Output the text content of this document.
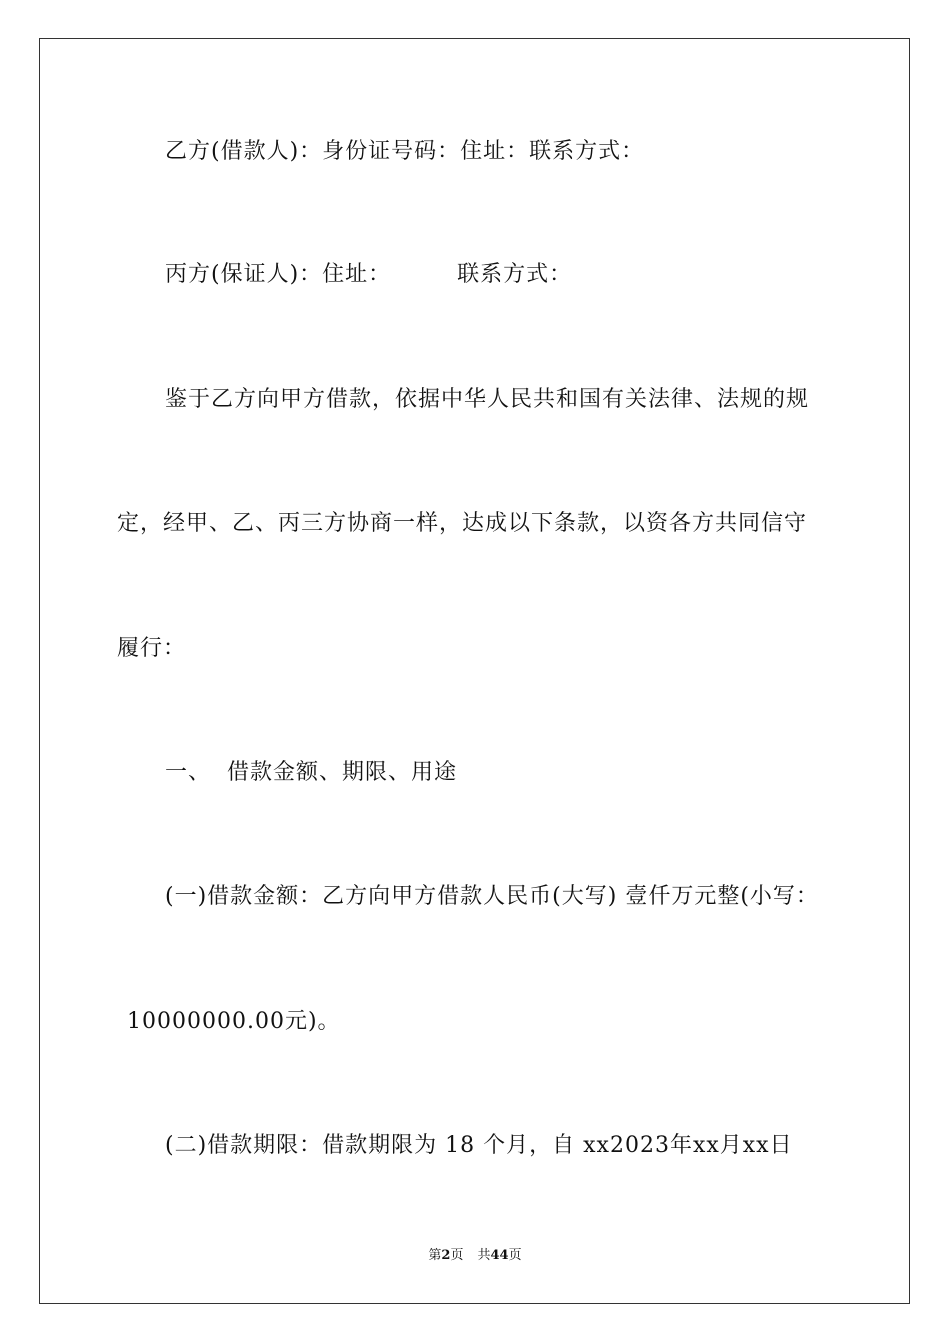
乙方(借款人)：身份证号码：住址：联系方式：
丙方(保证人)：住址：	联系方式：
鉴于乙方向甲方借款，依据中华人民共和国有关法律、法规的规
定，经甲、乙、丙三方协商一样，达成以下条款，以资各方共同信守
履行：
一、  借款金额、期限、用途
(一)借款金额：乙方向甲方借款人民币(大写) 壹仟万元整(小写：
10000000.00元)。
(二)借款期限：借款期限为 18 个月，自 xx2023年xx月xx日
第2页 共44页
